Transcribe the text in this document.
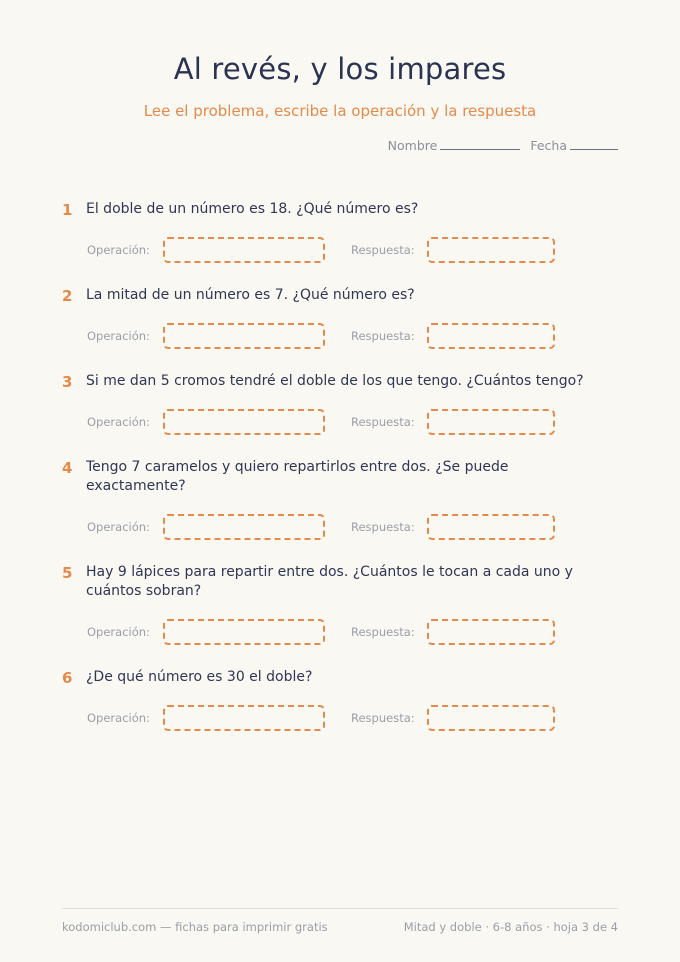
Al revés, y los impares
Lee el problema, escribe la operación y la respuesta
Nombre	Fecha
1 El doble de un número es 18. ¿Qué número es?
Operación:	Respuesta:
2 La mitad de un número es 7. ¿Qué número es?
Operación:	Respuesta:
3 Si me dan 5 cromos tendré el doble de los que tengo. ¿Cuántos tengo?
Operación:	Respuesta:
4 Tengo 7 caramelos y quiero repartirlos entre dos. ¿Se puede exactamente?
Operación:	Respuesta:
5 Hay 9 lápices para repartir entre dos. ¿Cuántos le tocan a cada uno y cuántos sobran?
Operación:	Respuesta:
6 ¿De qué número es 30 el doble?
Operación:	Respuesta:
kodomiclub.com — fichas para imprimir gratis	Mitad y doble · 6-8 años · hoja 3 de 4
